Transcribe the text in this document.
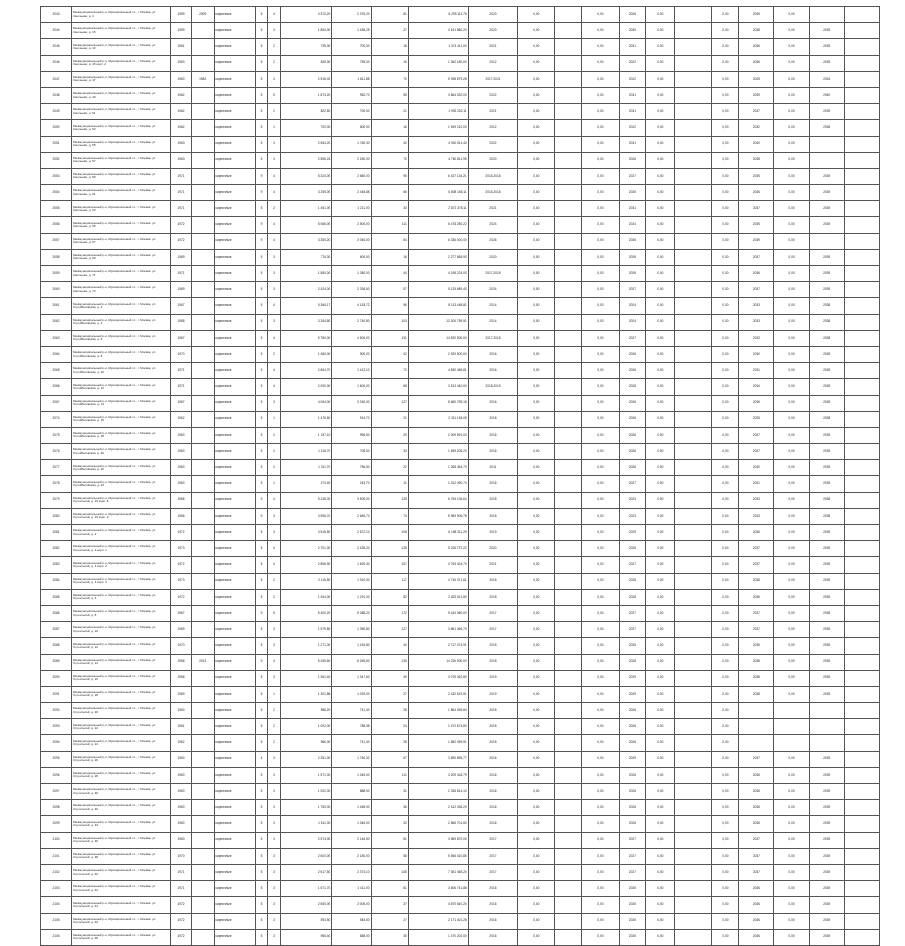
2043	Межмуниципальный р-н, Муниципальный г.п., г. Москва, ул. Смольная, д. 4	1959	2009	кирпичные	5	4	3 370,20	2 376,20	81	6 299 111,76	2020	0,00		0,00	2026	0,00		0,00	2039	0,00		
2044	Межмуниципальный р-н, Муниципальный г.п., г. Москва, ул. Смольная, д. 15	1959		кирпичные	5	3	1 854,00	1 456,25	37	4 161 880,20	2020	0,00		0,00	2030	0,00		0,00	2038	0,00	2039	
2045	Межмуниципальный р-н, Муниципальный г.п., г. Москва, ул. Смольная, д. 43	1961		кирпичные	5	2	735,30	700,00	18	1 374 411,00	2021	0,00		0,00	2031	0,00		0,00	2036	0,00	2039	
2046	Межмуниципальный р-н, Муниципальный г.п., г. Москва, ул. Смольная, д. 45 корп. 2	1963		кирпичные	5	2	849,30	755,00	15	1 362 180,00	2012	0,00		0,00	2022	0,00		0,00	2036	0,00	2039	
2047	Межмуниципальный р-н, Муниципальный г.п., г. Москва, ул. Смольная, д. 47	1963	1982	кирпичные	5	4	2 516,02	1 811,88	70	5 398 879,28	2017,2021	0,00		0,00	2022	0,00		0,00	2025	0,00	2034	
2048	Межмуниципальный р-н, Муниципальный г.п., г. Москва, ул. Смольная, д. 49	1962		кирпичные	5	5	1 874,20	952,70	55	3 864 032,00	2022	0,00		0,00	2031	0,00		0,00	2039	0,00	2040	
2049	Межмуниципальный р-н, Муниципальный г.п., г. Москва, ул. Смольная, д. 51	1962		кирпичные	5	2	822,50	700,00	21	1 992 252,11	2021	0,00		0,00	2031	0,00		0,00	2037	0,00	2039	
2050	Межмуниципальный р-н, Муниципальный г.п., г. Москва, ул. Смольная, д. 53	1962		кирпичные	5	1	700,00	600,00	16	1 549 210,00	2012	0,00		0,00	2022	0,00		0,00	2032	0,00	2035	
2051	Межмуниципальный р-н, Муниципальный г.п., г. Москва, ул. Смольная, д. 55	1963		кирпичные	5	3	2 654,20	1 760,30	42	4 940 511,40	2022	0,00		0,00	2031	0,00		0,00	2040	0,00		
2052	Межмуниципальный р-н, Муниципальный г.п., г. Москва, ул. Смольная, д. 57	1963		кирпичные	5	3	2 555,24	2 180,00	70	4 760 811,95	2020	0,00		0,00	2026	0,00		0,00	2038	0,00		
2053	Межмуниципальный р-н, Муниципальный г.п., г. Москва, ул. Смольная, д. 59	1971		кирпичные	9	4	5 324,00	2 660,00	95	6 427 134,21	2016,2018	0,00		0,00	2027	0,00		0,00	2035	0,00	2039	
2054	Межмуниципальный р-н, Муниципальный г.п., г. Москва, ул. Смольная, д. 61	1971		кирпичные	9	4	3 255,00	2 448,88	66	6 808 165,11	2016,2018	0,00		0,00	2026	0,00		0,00	2036	0,00	2039	
2055	Межмуниципальный р-н, Муниципальный г.п., г. Москва, ул. Смольная, д. 63	1971		кирпичные	5	2	1 451,00	1 211,00	33	2 872 378,11	2021	0,00		0,00	2031	0,00		0,00	2037	0,00	2039	
2056	Межмуниципальный р-н, Муниципальный г.п., г. Москва, ул. Смольная, д. 65	1972		кирпичные	9	4	5 066,00	2 500,00	111	6 478 280,22	2024	0,00		0,00	2024	0,00		0,00	2035	0,00	2039	
2057	Межмуниципальный р-н, Муниципальный г.п., г. Москва, ул. Смольная, д. 67	1972		кирпичные	9	4	3 350,20	3 064,00	84	6 336 000,00	2026	0,00		0,00	2036	0,00		0,00	2039	0,00		
2058	Межмуниципальный р-н, Муниципальный г.п., г. Москва, ул. Смольная, д. 69	1969		кирпичные	5	3	776,30	600,00	16	2 277 865,90	2020	0,00		0,00	2026	0,00		0,00	2037	0,00	2039	
2059	Межмуниципальный р-н, Муниципальный г.п., г. Москва, ул. Смольная, д. 71	1971		кирпичные	5	3	1 580,00	1 380,00	44	4 198 224,00	2017,2018	0,00		0,00	2026	0,00		0,00	2036	0,00	2039	
2060	Межмуниципальный р-н, Муниципальный г.п., г. Москва, ул. Смольная, д. 73	1969		кирпичные	5	3	2 424,00	2 336,60	57	5 125 689,40	2024	0,00		0,00	2027	0,00		0,00	2037	0,00	2039	
2061	Межмуниципальный р-н, Муниципальный г.п., г. Москва, ул. Стройбатовская, д. 2	1967		кирпичные	5	4	5 366,17	4 153,72	96	8 113 448,81	2014	0,00		0,00	2024	0,00		0,00	2033	0,00	2038	
2062	Межмуниципальный р-н, Муниципальный г.п., г. Москва, ул. Стройбатовская, д. 4	1968		кирпичные	5	3	3 264,80	2 740,80	103	12 200 759,91	2014	0,00		0,00	2024	0,00		0,00	2033	0,00	2038	
2063	Межмуниципальный р-н, Муниципальный г.п., г. Москва, ул. Стройбатовская, д. 6	1967		кирпичные	5	4	5 780,00	4 500,00	131	14 520 800,00	2017,2018	0,00		0,00	2027	0,00		0,00	2033	0,00	2038	
2064	Межмуниципальный р-н, Муниципальный г.п., г. Москва, ул. Стройбатовская, д. 8	1970		кирпичные	5	2	1 480,00	900,00	42	2 920 500,00	2016	0,00		0,00	2026	0,00		0,00	2030	0,00	2039	
2065	Межмуниципальный р-н, Муниципальный г.п., г. Москва, ул. Стройбатовская, д. 10	1971		кирпичные	5	4	2 804,70	1 412,10	72	4 830 456,81	2016	0,00		0,00	2026	0,00		0,00	2031	0,00	2039	
2066	Межмуниципальный р-н, Муниципальный г.п., г. Москва, ул. Стройбатовская, д. 12	1971		кирпичные	5	4	2 000,00	1 600,00	68	3 513 440,00	2018,2019	0,00		0,00	2028	0,00		0,00	2034	0,00	2039	
2067	Межмуниципальный р-н, Муниципальный г.п., г. Москва, ул. Стройбатовская, д. 14	1967		кирпичные	5	3	4 054,00	3 330,00	127	8 660 795,18	2016	0,00		0,00	2026	0,00		0,00	2036	0,00	2039	
2074	Межмуниципальный р-н, Муниципальный г.п., г. Москва, ул. Стройбатовская, д. 16	1962		кирпичные	5	1	1 476,60	914,70	21	2 311 154,05	2018	0,00		0,00	2026	0,00		0,00	2025	0,00	2038	
2075	Межмуниципальный р-н, Муниципальный г.п., г. Москва, ул. Стройбатовская, д. 18	1963		кирпичные	5	2	1 197,10	996,50	29	2 009 591,03	2016	0,00		0,00	2026	0,00		0,00	2037	0,00	2039	
2076	Межмуниципальный р-н, Муниципальный г.п., г. Москва, ул. Стройбатовская, д. 20	1963		кирпичные	5	2	1 118,70	708,00	33	1 695 205,23	2016	0,00		0,00	2026	0,00		0,00	2037	0,00	2039	
2077	Межмуниципальный р-н, Муниципальный г.п., г. Москва, ул. Стройбатовская, д. 22	1963		кирпичные	5	2	1 311,70	756,50	22	1 268 454,70	2011	0,00		0,00	2026	0,00		0,00	2030	0,00	2039	
2078	Межмуниципальный р-н, Муниципальный г.п., г. Москва, ул. Стройбатовская, д. 24	1963		кирпичные	5	1	273,40	243,70	11	1 312 490,74	2016	0,00		0,00	2027	0,00		0,00	2031	0,00	2039	
2079	Межмуниципальный р-н, Муниципальный г.п., г. Москва, ул. Строителей, д. 19 корп. 8	1966		кирпичные	9	4	5 236,00	3 500,00	128	6 754 136,64	2018	0,00		0,00	2023	0,00		0,00	2033	0,00	2038	
2080	Межмуниципальный р-н, Муниципальный г.п., г. Москва, ул. Строителей, д. 19 корп. 9	1966		кирпичные	9	3	3 596,70	2 684,70	74	5 983 906,78	2018	0,00		0,00	2023	0,00		0,00	2033	0,00	2038	
2081	Межмуниципальный р-н, Муниципальный г.п., г. Москва, ул. Строителей, д. 2	1972		кирпичные	5	3	3 516,50	2 672,10	108	6 158 311,29	2019	0,00		0,00	2029	0,00		0,00	2036	0,00	2039	
2082	Межмуниципальный р-н, Муниципальный г.п., г. Москва, ул. Строителей, д. 4 корп. 1	1973		кирпичные	5	4	2 701,30	2 435,20	126	5 226 737,22	2020	0,00		0,00	2026	0,00		0,00	2037	0,00	2039	
2083	Межмуниципальный р-н, Муниципальный г.п., г. Москва, ул. Строителей, д. 4 корп. 2	1972		кирпичные	5	4	2 896,90	1 820,40	107	4 763 424,70	2021	0,00		0,00	2027	0,00		0,00	2037	0,00	2039	
2084	Межмуниципальный р-н, Муниципальный г.п., г. Москва, ул. Строителей, д. 4 корп. 3	1973		кирпичные	5	2	2 116,50	1 910,00	117	4 745 371,61	2018	0,00		0,00	2028	0,00		0,00	2038	0,00	2039	
2085	Межмуниципальный р-н, Муниципальный г.п., г. Москва, ул. Строителей, д. 6	1972		кирпичные	5	2	1 454,00	1 291,00	82	2 822 611,80	2018	0,00		0,00	2028	0,00		0,00	2036	0,00	2039	
2086	Межмуниципальный р-н, Муниципальный г.п., г. Москва, ул. Строителей, д. 8	1967		кирпичные	9	5	5 400,20	5 388,20	172	9 444 080,00	2017	0,00		0,00	2027	0,00		0,00	2037	0,00	2038	
2087	Межмуниципальный р-н, Муниципальный г.п., г. Москва, ул. Строителей, д. 10	1969		кирпичные	5	3	1 579,80	1 350,80	127	3 861 466,70	2017	0,00		0,00	2027	0,00		0,00	2037	0,00	2039	
2088	Межмуниципальный р-н, Муниципальный г.п., г. Москва, ул. Строителей, д. 12	1970		кирпичные	5	3	1 271,00	1 415,80	40	2 717 074,91	2015	0,00		0,00	2025	0,00		0,00	2035	0,00	2039	
2089	Межмуниципальный р-н, Муниципальный г.п., г. Москва, ул. Строителей, д. 14	1966	2013	кирпичные	9	4	6 265,60	6 265,60	136	14 226 900,00	2018	0,00		0,00	2028	0,00		0,00	2038	0,00	2039	
2090	Межмуниципальный р-н, Муниципальный г.п., г. Москва, ул. Строителей, д. 16	1966		кирпичные	5	3	1 361,40	1 347,60	49	3 075 362,80	2019	0,00		0,00	2029	0,00		0,00	2038	0,00	2039	
2091	Межмуниципальный р-н, Муниципальный г.п., г. Москва, ул. Строителей, д. 18	1969		кирпичные	5	1	1 301,88	1 029,00	27	2 432 619,91	2019	0,00		0,00	2029	0,00		0,00	2038	0,00	2039	
2092	Межмуниципальный р-н, Муниципальный г.п., г. Москва, ул. Строителей, д. 20	1960		кирпичные	5	2	988,20	741,30	28	1 864 499,84	2018	0,00		0,00	2026	0,00		0,00				
2093	Межмуниципальный р-н, Муниципальный г.п., г. Москва, ул. Строителей, д. 22	1961		кирпичные	5	2	1 002,00	788,98	24	1 472 674,80	2018	0,00		0,00	2026	0,00		0,00				
2094	Межмуниципальный р-н, Муниципальный г.п., г. Москва, ул. Строителей, д. 24	1962		кирпичные	5	2	966,00	741,30	28	1 852 499,91	2018	0,00		0,00	2026	0,00		0,00				
2095	Межмуниципальный р-н, Муниципальный г.п., г. Москва, ул. Строителей, д. 26	1960		кирпичные	4	3	2 351,00	1 760,32	57	3 550 895,77	2016	0,00		0,00	2029	0,00		0,00	2037	0,00	2039	
2096	Межмуниципальный р-н, Муниципальный г.п., г. Москва, ул. Строителей, д. 28	1963		кирпичные	5	3	1 571,00	1 345,00	111	3 209 418,79	2016	0,00		0,00	2026	0,00		0,00	2036	0,00	2039	
2097	Межмуниципальный р-н, Муниципальный г.п., г. Москва, ул. Строителей, д. 30	1963		кирпичные	5	3	1 002,00	888,00	31	2 336 814,10	2016	0,00		0,00	2026	0,00		0,00	2036	0,00	2039	
2098	Межмуниципальный р-н, Муниципальный г.п., г. Москва, ул. Строителей, д. 32	1963		кирпичные	5	3	1 750,00	1 465,00	36	2 412 436,20	2016	0,00		0,00	2026	0,00		0,00	2036	0,00	2039	
2099	Межмуниципальный р-н, Муниципальный г.п., г. Москва, ул. Строителей, д. 34	1960		кирпичные	5	3	1 611,00	1 346,00	32	2 866 701,60	2016	0,00		0,00	2026	0,00		0,00	2036	0,00	2039	
2100	Межмуниципальный р-н, Муниципальный г.п., г. Москва, ул. Строителей, д. 36	1960		кирпичные	5	3	2 574,00	2 146,50	81	3 569 870,00	2017	0,00		0,00	2027	0,00		0,00	2037	0,00	2039	
2101	Межмуниципальный р-н, Муниципальный г.п., г. Москва, ул. Строителей, д. 38	1970		кирпичные	5	3	2 600,00	2 180,00	58	5 566 410,85	2017	0,00		0,00	2027	0,00		0,00	2037	0,00	2039	
2102	Межмуниципальный р-н, Муниципальный г.п., г. Москва, ул. Строителей, д. 40	1971		кирпичные	5	3	2 617,50	2 374,10	108	7 361 465,20	2017	0,00		0,00	2027	0,00		0,00	2037	0,00	2039	
2103	Межмуниципальный р-н, Муниципальный г.п., г. Москва, ул. Строителей, д. 42	1971		кирпичные	5	3	1 671,70	1 411,00	61	3 606 741,88	2016	0,00		0,00	2026	0,00		0,00	2036	0,00	2039	
2104	Межмуниципальный р-н, Муниципальный г.п., г. Москва, ул. Строителей, д. 44	1972		кирпичные	5	3	2 650,00	2 005,00	37	4 870 640,20	2016	0,00		0,00	2026	0,00		0,00	2036	0,00	2039	
2105	Межмуниципальный р-н, Муниципальный г.п., г. Москва, ул. Строителей, д. 46	1972		кирпичные	5	3	593,50	545,50	27	2 171 401,28	2016	0,00		0,00	2026	0,00		0,00	2036	0,00	2039	
2106	Межмуниципальный р-н, Муниципальный г.п., г. Москва, ул. Строителей, д. 48	1972		кирпичные	5	3	965,40	858,00	35	1 470 202,00	2016	0,00		0,00	2026	0,00		0,00	2036	0,00	2039	
